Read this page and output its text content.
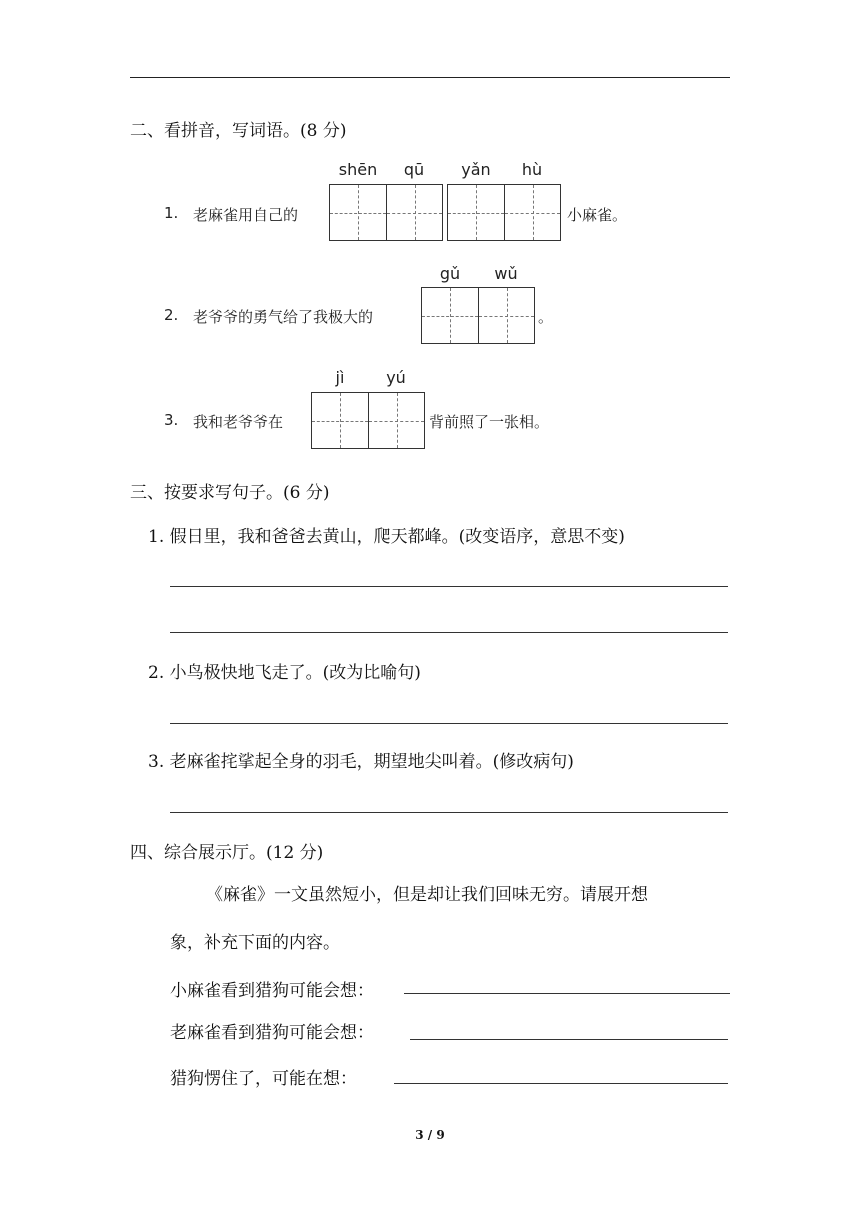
二、看拼音，写词语。(8 分)
1. 老麻雀用自己的
shēn	qū	yǎn	hù
小麻雀。
2. 老爷爷的勇气给了我极大的
gǔ	wǔ
。
3. 我和老爷爷在
jì	yú
背前照了一张相。
三、按要求写句子。(6 分)
1. 假日里，我和爸爸去黄山，爬天都峰。(改变语序，意思不变)
2. 小鸟极快地飞走了。(改为比喻句)
3. 老麻雀挓挲起全身的羽毛，期望地尖叫着。(修改病句)
四、综合展示厅。(12 分)
《麻雀》一文虽然短小，但是却让我们回味无穷。请展开想
象，补充下面的内容。
小麻雀看到猎狗可能会想：
老麻雀看到猎狗可能会想：
猎狗愣住了，可能在想：
3 / 9
